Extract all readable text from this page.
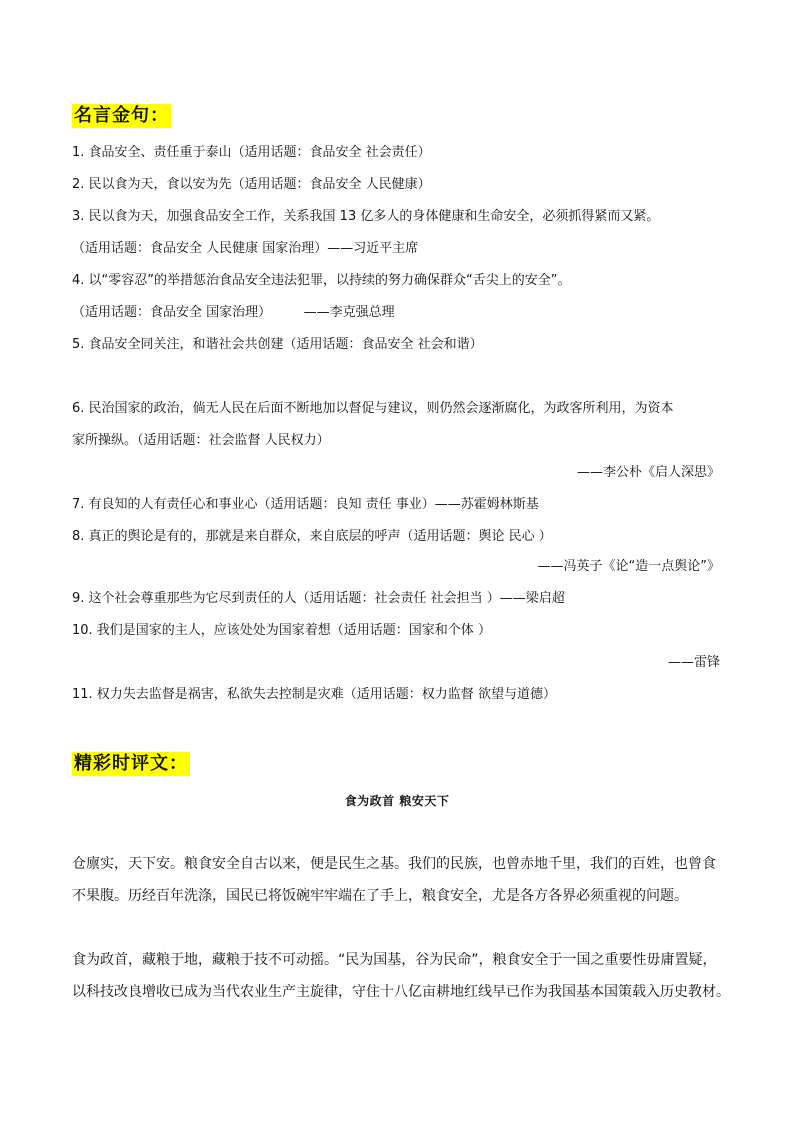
名言金句：
1. 食品安全、责任重于泰山（适用话题：食品安全 社会责任）
2. 民以食为天，食以安为先（适用话题：食品安全 人民健康）
3. 民以食为天，加强食品安全工作，关系我国 13 亿多人的身体健康和生命安全，必须抓得紧而又紧。
（适用话题：食品安全 人民健康 国家治理）——习近平主席
4. 以“零容忍”的举措惩治食品安全违法犯罪，以持续的努力确保群众“舌尖上的安全”。
（适用话题：食品安全 国家治理）　　　——李克强总理
5. 食品安全同关注，和谐社会共创建（适用话题：食品安全 社会和谐）
6. 民治国家的政治，倘无人民在后面不断地加以督促与建议，则仍然会逐渐腐化，为政客所利用，为资本
家所操纵。（适用话题：社会监督 人民权力）
——李公朴《启人深思》
7. 有良知的人有责任心和事业心（适用话题：良知 责任 事业）——苏霍姆林斯基
8. 真正的舆论是有的，那就是来自群众，来自底层的呼声（适用话题：舆论 民心 ）
——冯英子《论“造一点舆论”》
9. 这个社会尊重那些为它尽到责任的人（适用话题：社会责任 社会担当 ）——梁启超
10. 我们是国家的主人，应该处处为国家着想（适用话题：国家和个体 ）
——雷锋
11. 权力失去监督是祸害，私欲失去控制是灾难（适用话题：权力监督 欲望与道德）
精彩时评文：
食为政首 粮安天下
仓廪实，天下安。粮食安全自古以来，便是民生之基。我们的民族，也曾赤地千里，我们的百姓，也曾食
不果腹。历经百年洗涤，国民已将饭碗牢牢端在了手上，粮食安全，尤是各方各界必须重视的问题。
食为政首，藏粮于地，藏粮于技不可动摇。“民为国基，谷为民命”，粮食安全于一国之重要性毋庸置疑，
以科技改良增收已成为当代农业生产主旋律，守住十八亿亩耕地红线早已作为我国基本国策载入历史教材。
